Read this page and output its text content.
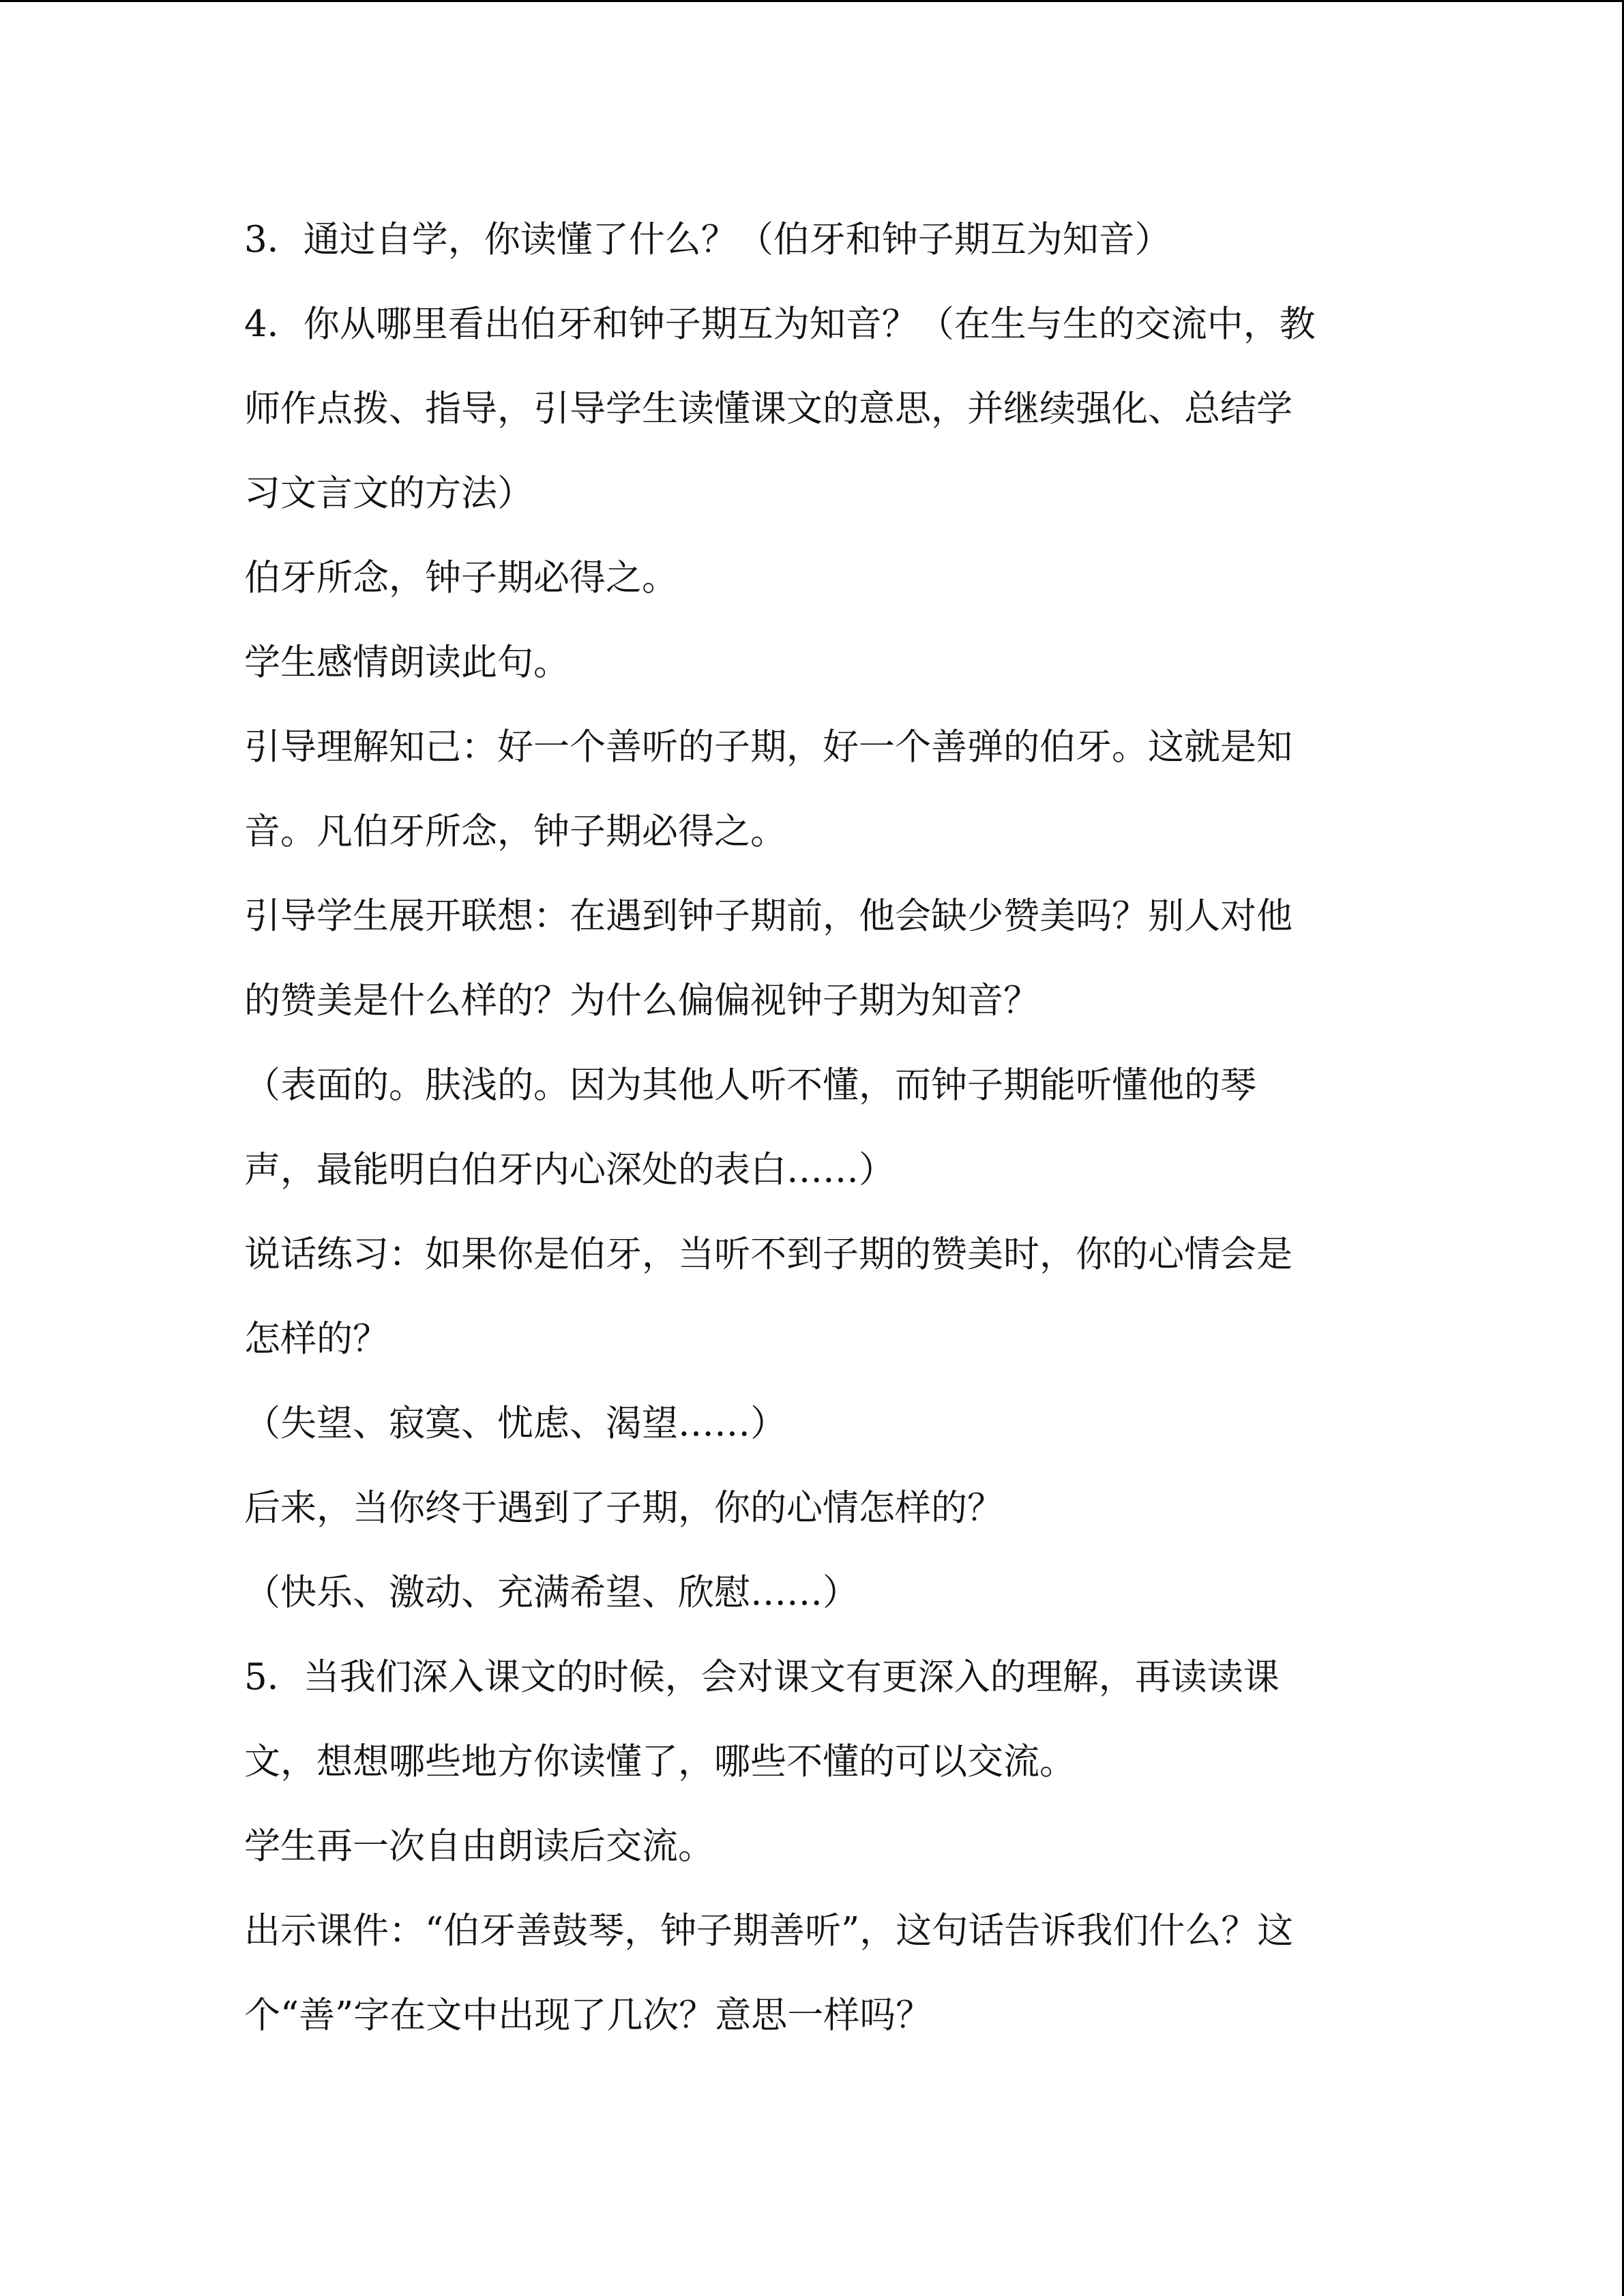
3．通过自学，你读懂了什么？（伯牙和钟子期互为知音）

4．你从哪里看出伯牙和钟子期互为知音？（在生与生的交流中，教

师作点拨、指导，引导学生读懂课文的意思，并继续强化、总结学

习文言文的方法）

伯牙所念，钟子期必得之。

学生感情朗读此句。

引导理解知己：好一个善听的子期，好一个善弹的伯牙。这就是知

音。凡伯牙所念，钟子期必得之。

引导学生展开联想：在遇到钟子期前，他会缺少赞美吗？别人对他

的赞美是什么样的？为什么偏偏视钟子期为知音？

（表面的。肤浅的。因为其他人听不懂，而钟子期能听懂他的琴

声，最能明白伯牙内心深处的表白……）

说话练习：如果你是伯牙，当听不到子期的赞美时，你的心情会是

怎样的？

（失望、寂寞、忧虑、渴望……）

后来，当你终于遇到了子期，你的心情怎样的？

（快乐、激动、充满希望、欣慰……）

5．当我们深入课文的时候，会对课文有更深入的理解，再读读课

文，想想哪些地方你读懂了，哪些不懂的可以交流。

学生再一次自由朗读后交流。

出示课件：“伯牙善鼓琴，钟子期善听”，这句话告诉我们什么？这

个“善”字在文中出现了几次？意思一样吗？
